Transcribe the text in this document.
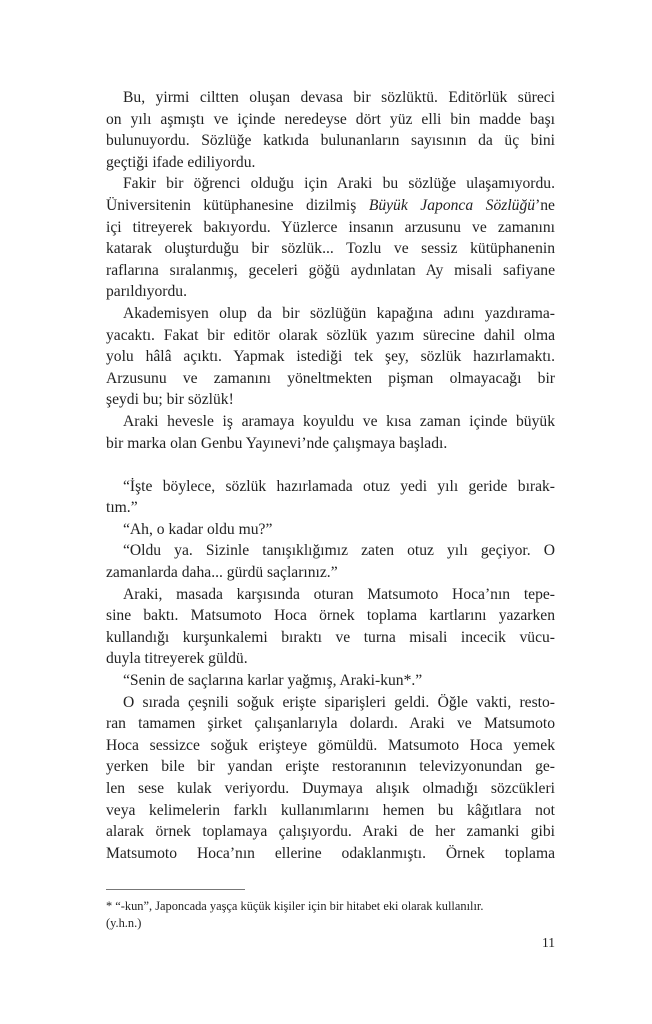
Bu, yirmi ciltten oluşan devasa bir sözlüktü. Editörlük süreci
on yılı aşmıştı ve içinde neredeyse dört yüz elli bin madde başı
bulunuyordu. Sözlüğe katkıda bulunanların sayısının da üç bini
geçtiği ifade ediliyordu.
Fakir bir öğrenci olduğu için Araki bu sözlüğe ulaşamıyordu.
Üniversitenin kütüphanesine dizilmiş Büyük Japonca Sözlüğü’ne
içi titreyerek bakıyordu. Yüzlerce insanın arzusunu ve zamanını
katarak oluşturduğu bir sözlük... Tozlu ve sessiz kütüphanenin
raflarına sıralanmış, geceleri göğü aydınlatan Ay misali safiyane
parıldıyordu.
Akademisyen olup da bir sözlüğün kapağına adını yazdırama-
yacaktı. Fakat bir editör olarak sözlük yazım sürecine dahil olma
yolu hâlâ açıktı. Yapmak istediği tek şey, sözlük hazırlamaktı.
Arzusunu ve zamanını yöneltmekten pişman olmayacağı bir
şeydi bu; bir sözlük!
Araki hevesle iş aramaya koyuldu ve kısa zaman içinde büyük
bir marka olan Genbu Yayınevi’nde çalışmaya başladı.
“İşte böylece, sözlük hazırlamada otuz yedi yılı geride bırak-
tım.”
“Ah, o kadar oldu mu?”
“Oldu ya. Sizinle tanışıklığımız zaten otuz yılı geçiyor. O
zamanlarda daha... gürdü saçlarınız.”
Araki, masada karşısında oturan Matsumoto Hoca’nın tepe-
sine baktı. Matsumoto Hoca örnek toplama kartlarını yazarken
kullandığı kurşunkalemi bıraktı ve turna misali incecik vücu-
duyla titreyerek güldü.
“Senin de saçlarına karlar yağmış, Araki-kun*.”
O sırada çeşnili soğuk erişte siparişleri geldi. Öğle vakti, resto-
ran tamamen şirket çalışanlarıyla dolardı. Araki ve Matsumoto
Hoca sessizce soğuk erişteye gömüldü. Matsumoto Hoca yemek
yerken bile bir yandan erişte restoranının televizyonundan ge-
len sese kulak veriyordu. Duymaya alışık olmadığı sözcükleri
veya kelimelerin farklı kullanımlarını hemen bu kâğıtlara not
alarak örnek toplamaya çalışıyordu. Araki de her zamanki gibi
Matsumoto Hoca’nın ellerine odaklanmıştı. Örnek toplama
* “-kun”, Japoncada yaşça küçük kişiler için bir hitabet eki olarak kullanılır.
(y.h.n.)
11
